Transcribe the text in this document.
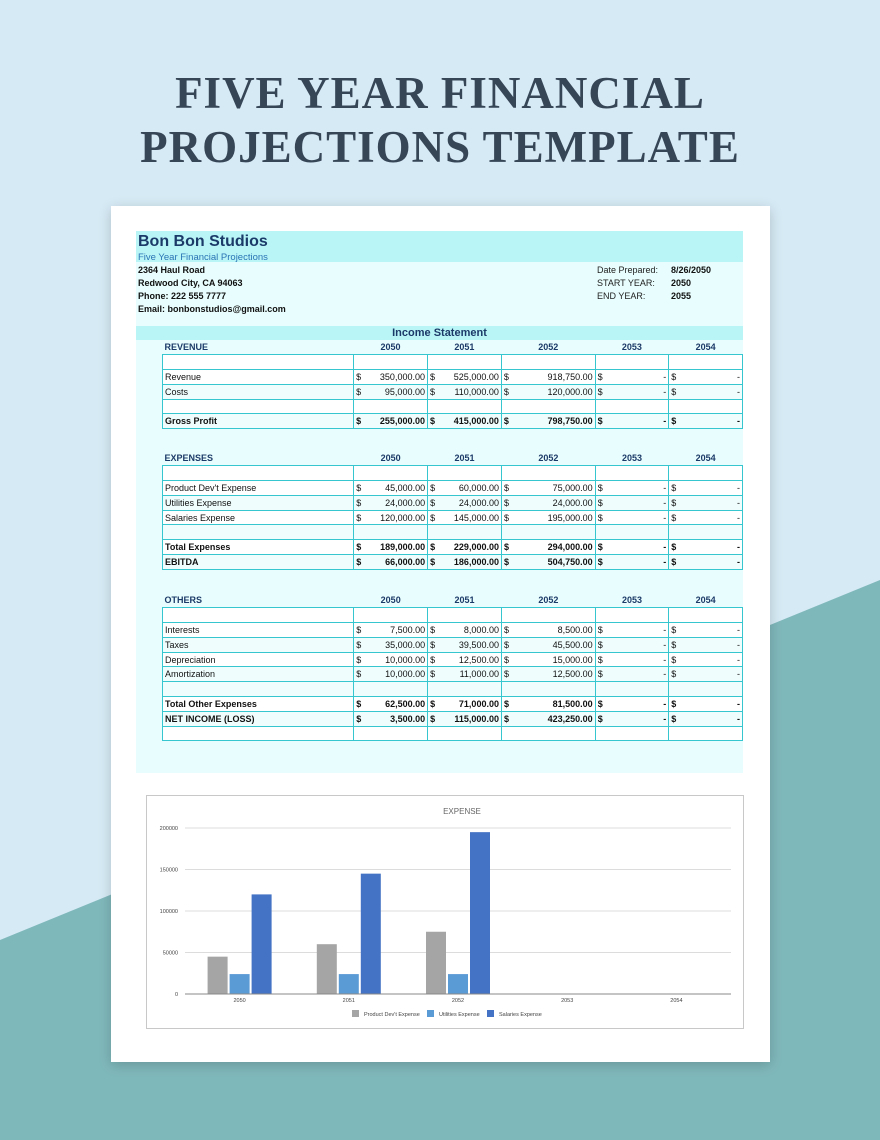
FIVE YEAR FINANCIAL
PROJECTIONS TEMPLATE
Bon Bon Studios
Five Year Financial Projections
2364 Haul Road
Redwood City, CA 94063
Phone: 222 555 7777
Email: bonbonstudios@gmail.com
Date Prepared: 8/26/2050
START YEAR: 2050
END YEAR:	2055
Income Statement
REVENUE	2050		2051		2052		2053		2054	

Revenue	$	350,000.00	$	525,000.00	$	918,750.00	$	-	$	-
Costs	$	95,000.00	$	110,000.00	$	120,000.00	$	-	$	-

Gross Profit	$	255,000.00	$	415,000.00	$	798,750.00	$	-	$	-
EXPENSES	2050		2051		2052		2053		2054	

Product Dev't Expense	$	45,000.00	$	60,000.00	$	75,000.00	$	-	$	-
Utilities Expense	$	24,000.00	$	24,000.00	$	24,000.00	$	-	$	-
Salaries Expense	$	120,000.00	$	145,000.00	$	195,000.00	$	-	$	-

Total Expenses	$	189,000.00	$	229,000.00	$	294,000.00	$	-	$	-
EBITDA	$	66,000.00	$	186,000.00	$	504,750.00	$	-	$	-
OTHERS	2050		2051		2052		2053		2054	

Interests	$	7,500.00	$	8,000.00	$	8,500.00	$	-	$	-
Taxes	$	35,000.00	$	39,500.00	$	45,500.00	$	-	$	-
Depreciation	$	10,000.00	$	12,500.00	$	15,000.00	$	-	$	-
Amortization	$	10,000.00	$	11,000.00	$	12,500.00	$	-	$	-

Total Other Expenses	$	62,500.00	$	71,000.00	$	81,500.00	$	-	$	-
NET INCOME (LOSS)	$	3,500.00	$	115,000.00	$	423,250.00	$	-	$	-

EXPENSE
0
50000
100000
150000
200000
2050	2051	2052	2053	2054
Product Dev't Expense	Utilities Expense	Salaries Expense
